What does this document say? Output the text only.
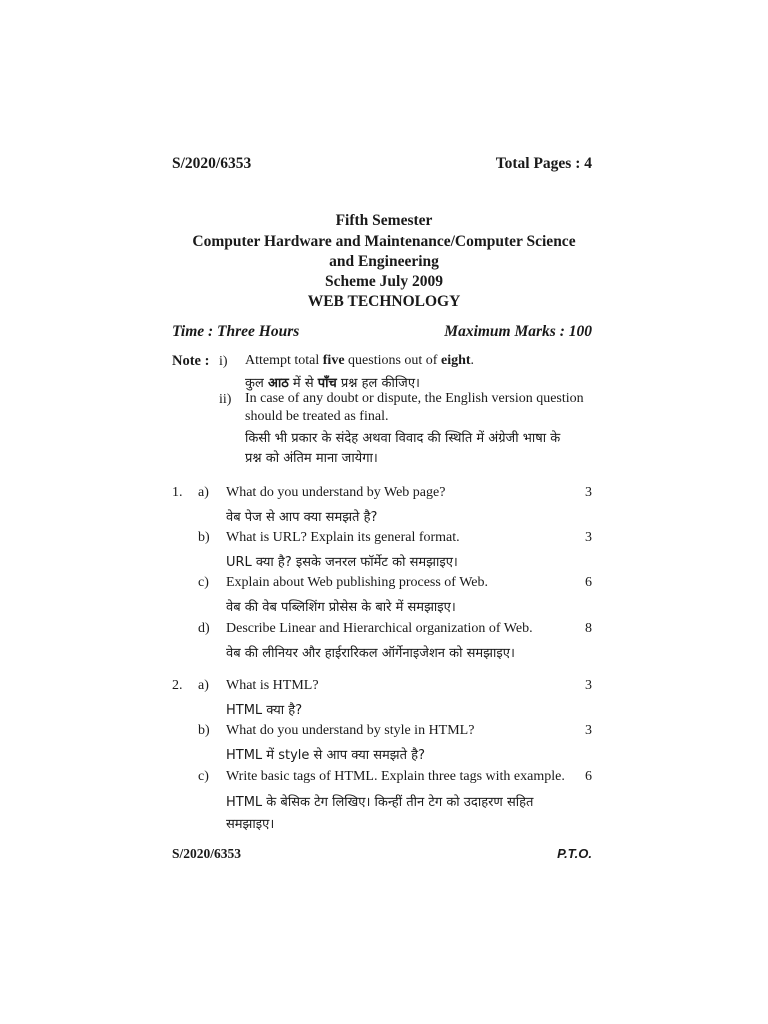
S/2020/6353	Total Pages : 4
Fifth Semester
Computer Hardware and Maintenance/Computer Science
and Engineering
Scheme July 2009
WEB TECHNOLOGY
Time : Three Hours	Maximum Marks : 100
Note : i) Attempt total five questions out of eight.
कुल आठ में से पाँच प्रश्न हल कीजिए।
ii) In case of any doubt or dispute, the English version question
should be treated as final.
किसी भी प्रकार के संदेह अथवा विवाद की स्थिति में अंग्रेजी भाषा के
प्रश्न को अंतिम माना जायेगा।
1. a) What do you understand by Web page?	3
वेब पेज से आप क्या समझते है?
b) What is URL? Explain its general format.	3
URL क्या है? इसके जनरल फॉर्मेट को समझाइए।
c) Explain about Web publishing process of Web.	6
वेब की वेब पब्लिशिंग प्रोसेस के बारे में समझाइए।
d) Describe Linear and Hierarchical organization of Web.	8
वेब की लीनियर और हाईरारिकल ऑर्गेनाइजेशन को समझाइए।
2. a) What is HTML?	3
HTML क्या है?
b) What do you understand by style in HTML?	3
HTML में style से आप क्या समझते है?
c) Write basic tags of HTML. Explain three tags with example.	6
HTML के बेसिक टेग लिखिए। किन्हीं तीन टेग को उदाहरण सहित
समझाइए।
S/2020/6353	P.T.O.
